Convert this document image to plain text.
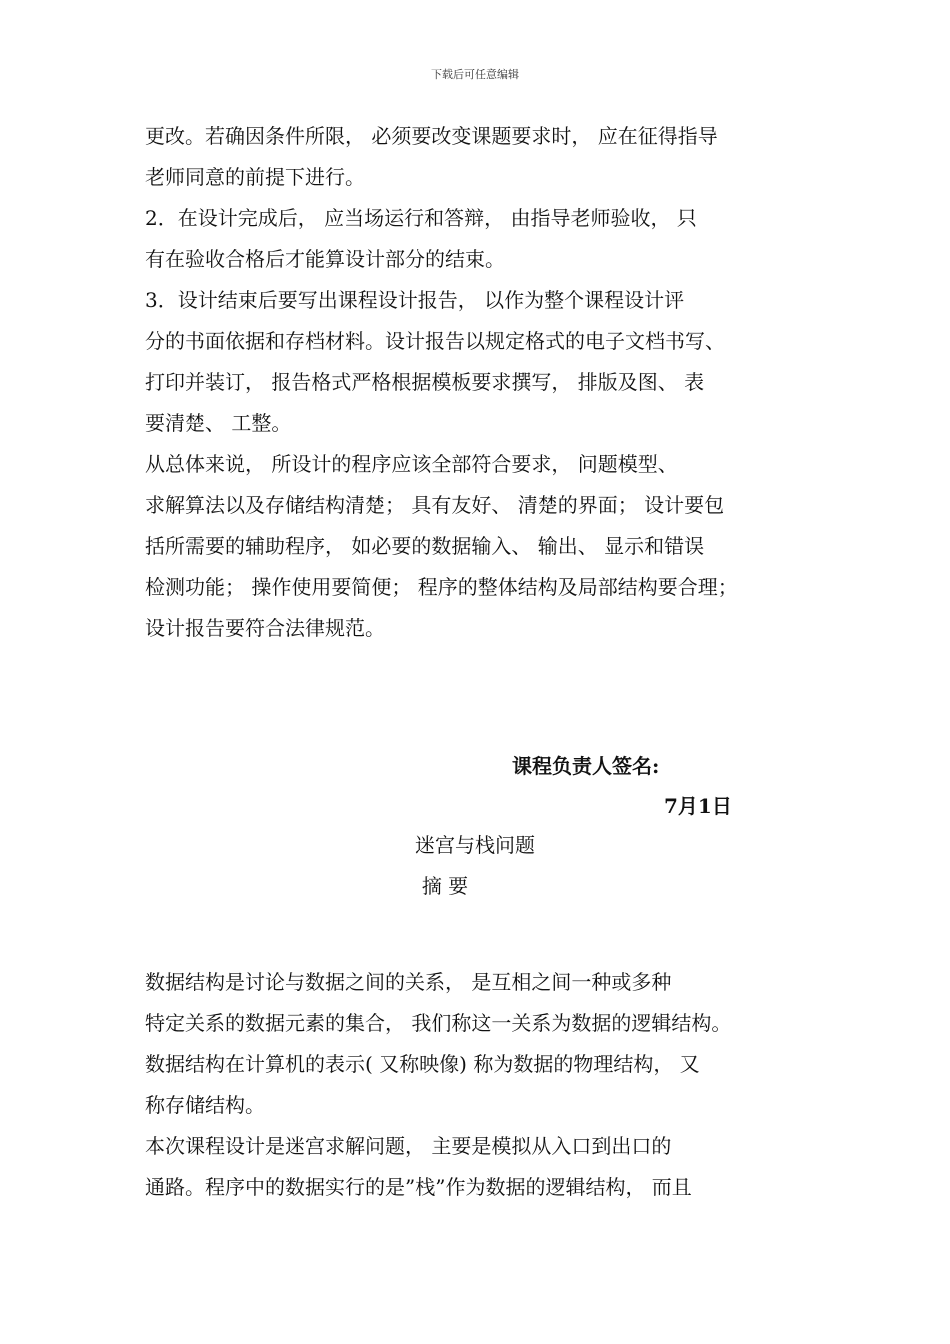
下载后可任意编辑
更改。若确因条件所限， 必须要改变课题要求时， 应在征得指导
老师同意的前提下进行。
2．在设计完成后， 应当场运行和答辩， 由指导老师验收， 只
有在验收合格后才能算设计部分的结束。
3．设计结束后要写出课程设计报告， 以作为整个课程设计评
分的书面依据和存档材料。设计报告以规定格式的电子文档书写、
打印并装订， 报告格式严格根据模板要求撰写， 排版及图、 表
要清楚、 工整。
从总体来说， 所设计的程序应该全部符合要求， 问题模型、
求解算法以及存储结构清楚； 具有友好、 清楚的界面； 设计要包
括所需要的辅助程序， 如必要的数据输入、 输出、 显示和错误
检测功能； 操作使用要简便； 程序的整体结构及局部结构要合理；
设计报告要符合法律规范。
课程负责人签名:
7月1日
迷宫与栈问题
摘 要
数据结构是讨论与数据之间的关系， 是互相之间一种或多种
特定关系的数据元素的集合， 我们称这一关系为数据的逻辑结构。
数据结构在计算机的表示( 又称映像) 称为数据的物理结构， 又
称存储结构。
本次课程设计是迷宫求解问题， 主要是模拟从入口到出口的
通路。程序中的数据实行的是”栈”作为数据的逻辑结构， 而且
